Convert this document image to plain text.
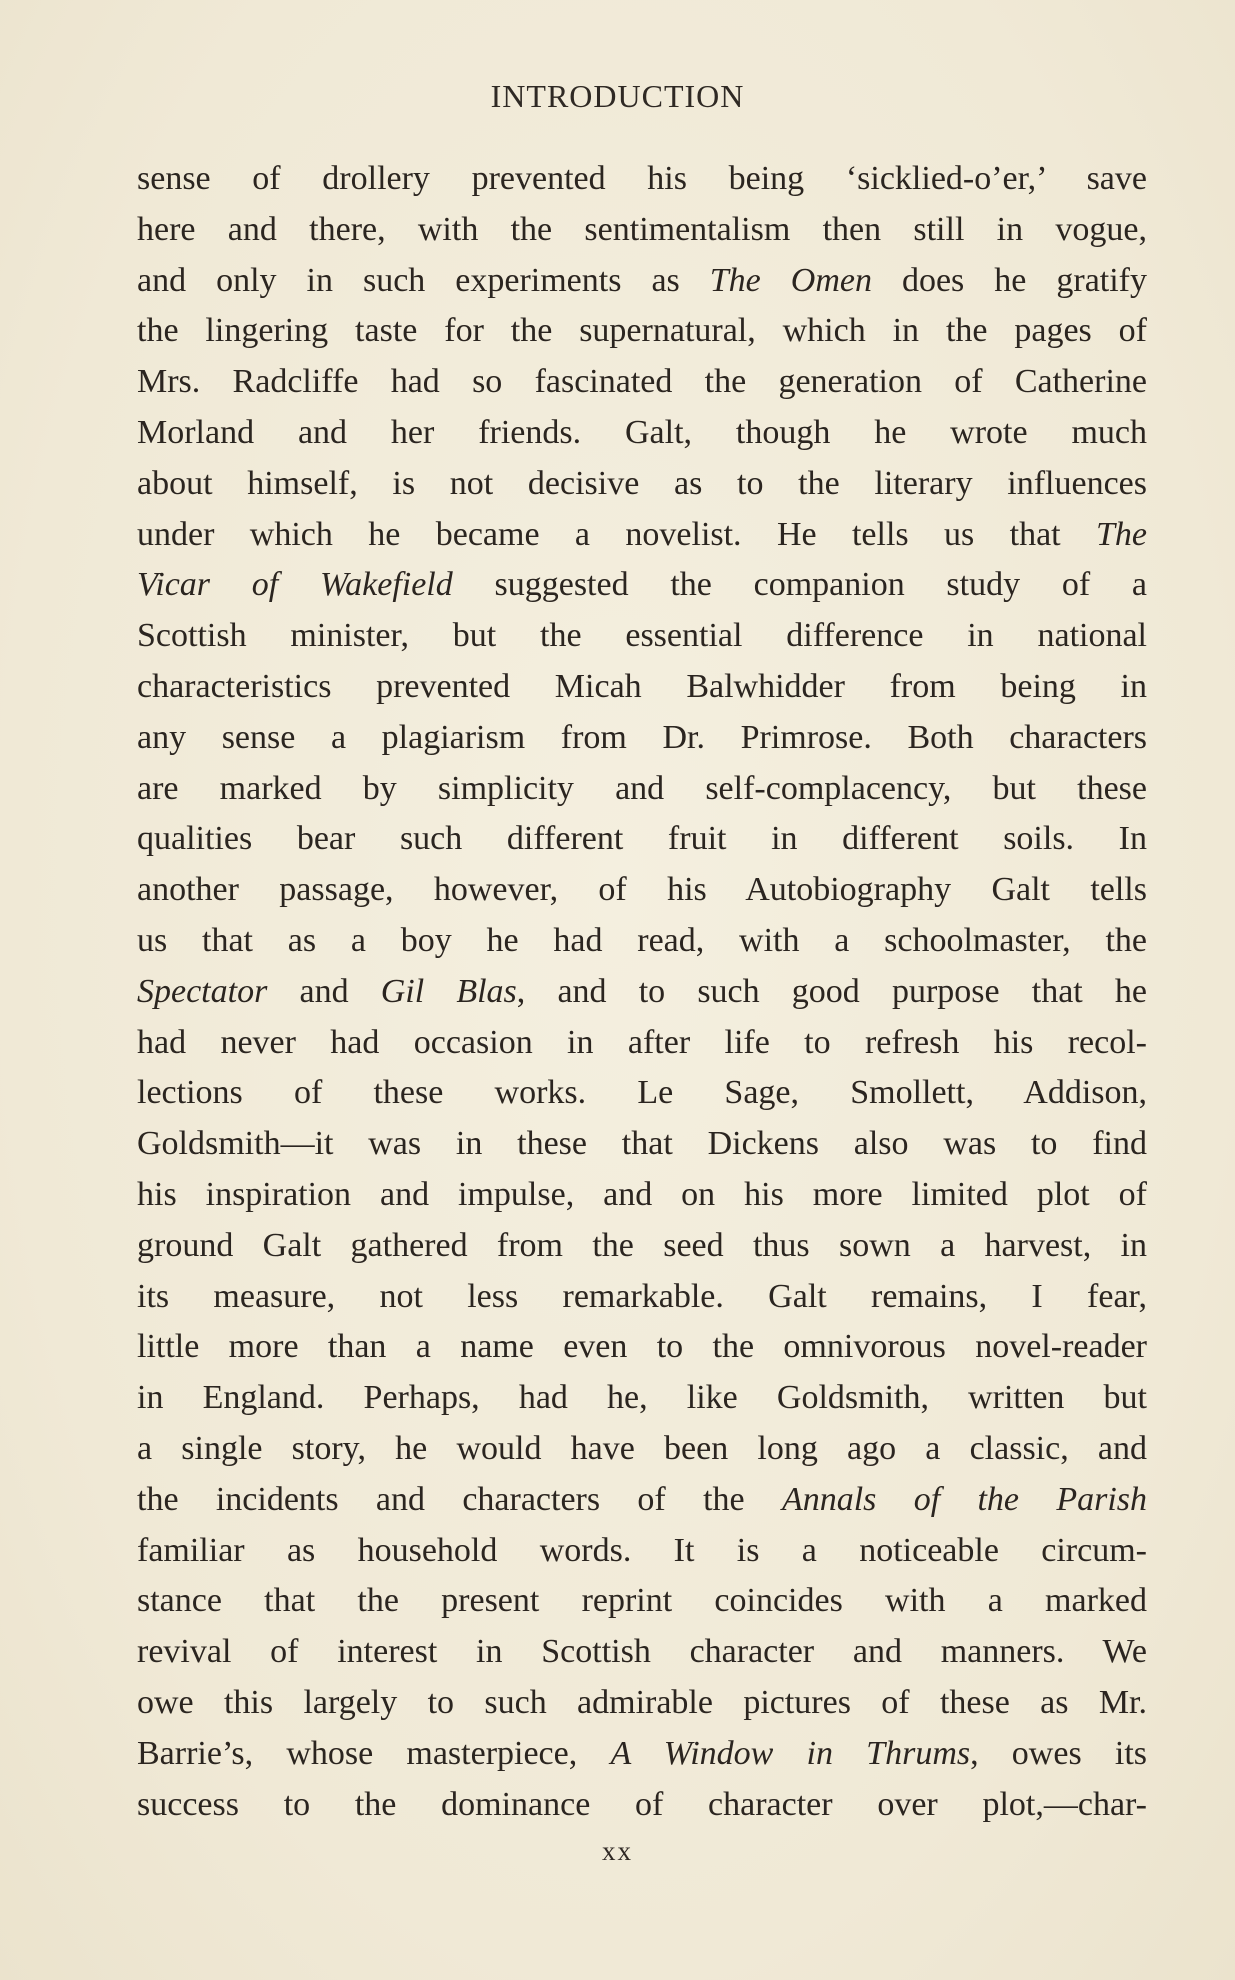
INTRODUCTION
sense of drollery prevented his being ‘sicklied-o’er,’ save
here and there, with the sentimentalism then still in vogue,
and only in such experiments as The Omen does he gratify
the lingering taste for the supernatural, which in the pages of
Mrs. Radcliffe had so fascinated the generation of Catherine
Morland and her friends. Galt, though he wrote much
about himself, is not decisive as to the literary influences
under which he became a novelist. He tells us that The
Vicar of Wakefield suggested the companion study of a
Scottish minister, but the essential difference in national
characteristics prevented Micah Balwhidder from being in
any sense a plagiarism from Dr. Primrose. Both characters
are marked by simplicity and self-complacency, but these
qualities bear such different fruit in different soils. In
another passage, however, of his Autobiography Galt tells
us that as a boy he had read, with a schoolmaster, the
Spectator and Gil Blas, and to such good purpose that he
had never had occasion in after life to refresh his recol-
lections of these works. Le Sage, Smollett, Addison,
Goldsmith—it was in these that Dickens also was to find
his inspiration and impulse, and on his more limited plot of
ground Galt gathered from the seed thus sown a harvest, in
its measure, not less remarkable. Galt remains, I fear,
little more than a name even to the omnivorous novel-reader
in England. Perhaps, had he, like Goldsmith, written but
a single story, he would have been long ago a classic, and
the incidents and characters of the Annals of the Parish
familiar as household words. It is a noticeable circum-
stance that the present reprint coincides with a marked
revival of interest in Scottish character and manners. We
owe this largely to such admirable pictures of these as Mr.
Barrie’s, whose masterpiece, A Window in Thrums, owes its
success to the dominance of character over plot,—char-
xx
